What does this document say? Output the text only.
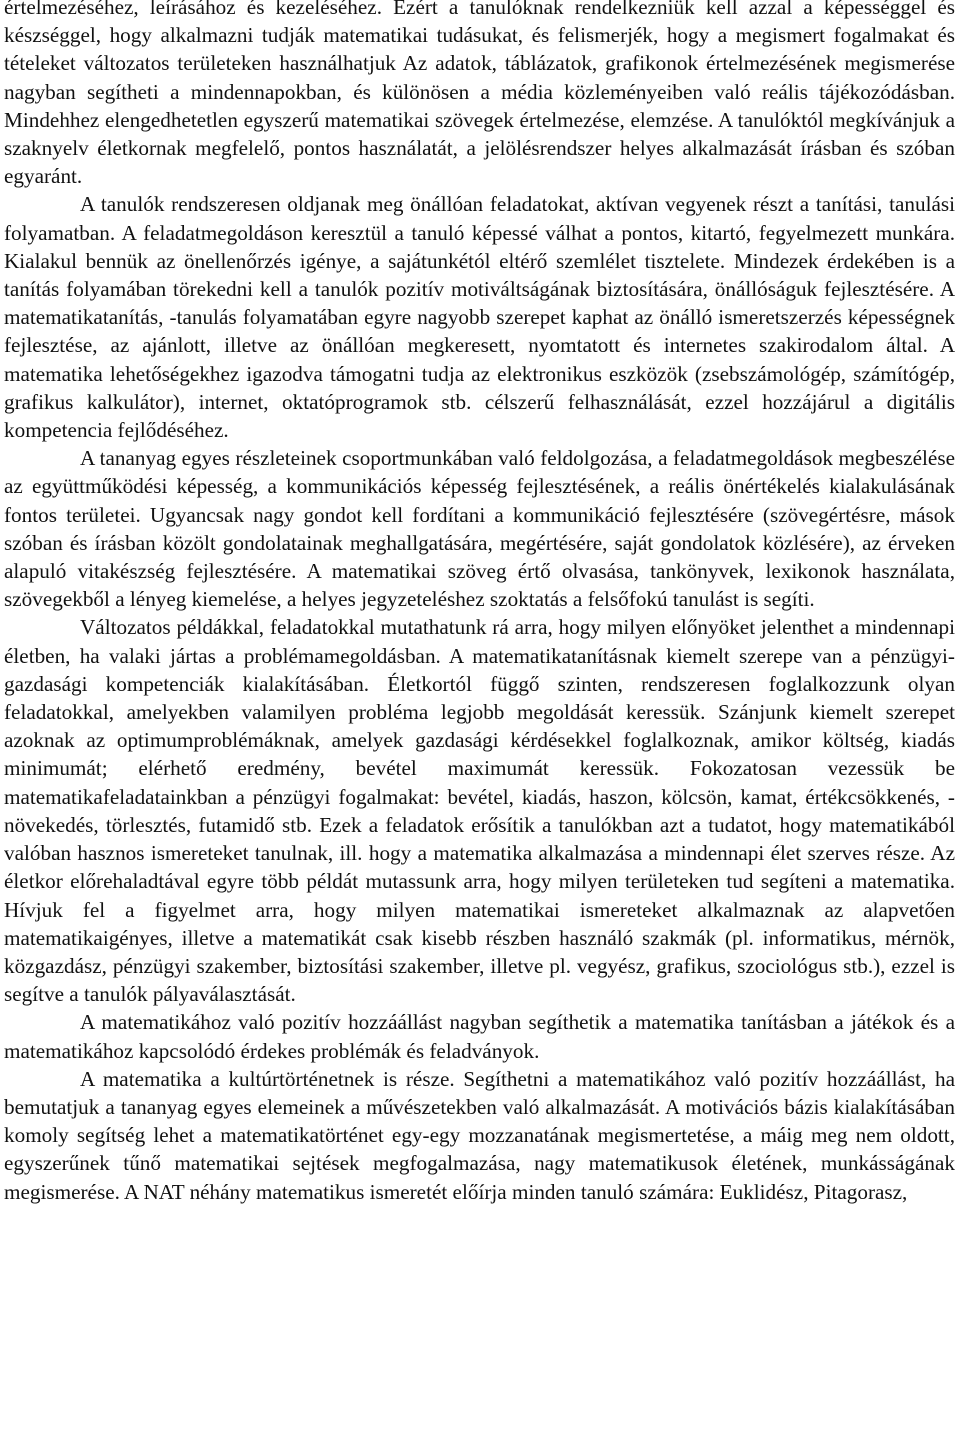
értelmezéséhez, leírásához és kezeléséhez. Ezért a tanulóknak rendelkezniük kell azzal a képességgel és készséggel, hogy alkalmazni tudják matematikai tudásukat, és felismerjék, hogy a megismert fogalmakat és tételeket változatos területeken használhatjuk Az adatok, táblázatok, grafikonok értelmezésének megismerése nagyban segítheti a mindennapokban, és különösen a média közleményeiben való reális tájékozódásban. Mindehhez elengedhetetlen egyszerű matematikai szövegek értelmezése, elemzése. A tanulóktól megkívánjuk a szaknyelv életkornak megfelelő, pontos használatát, a jelölésrendszer helyes alkalmazását írásban és szóban egyaránt.

A tanulók rendszeresen oldjanak meg önállóan feladatokat, aktívan vegyenek részt a tanítási, tanulási folyamatban. A feladatmegoldáson keresztül a tanuló képessé válhat a pontos, kitartó, fegyelmezett munkára. Kialakul bennük az önellenőrzés igénye, a sajátunkétól eltérő szemlélet tisztelete. Mindezek érdekében is a tanítás folyamában törekedni kell a tanulók pozitív motiváltságának biztosítására, önállóságuk fejlesztésére. A matematikatanítás, -tanulás folyamatában egyre nagyobb szerepet kaphat az önálló ismeretszerzés képességnek fejlesztése, az ajánlott, illetve az önállóan megkeresett, nyomtatott és internetes szakirodalom által. A matematika lehetőségekhez igazodva támogatni tudja az elektronikus eszközök (zsebszámológép, számítógép, grafikus kalkulátor), internet, oktatóprogramok stb. célszerű felhasználását, ezzel hozzájárul a digitális kompetencia fejlődéséhez.

A tananyag egyes részleteinek csoportmunkában való feldolgozása, a feladatmegoldások megbeszélése az együttműködési képesség, a kommunikációs képesség fejlesztésének, a reális önértékelés kialakulásának fontos területei. Ugyancsak nagy gondot kell fordítani a kommunikáció fejlesztésére (szövegértésre, mások szóban és írásban közölt gondolatainak meghallgatására, megértésére, saját gondolatok közlésére), az érveken alapuló vitakészség fejlesztésére. A matematikai szöveg értő olvasása, tankönyvek, lexikonok használata, szövegekből a lényeg kiemelése, a helyes jegyzeteléshez szoktatás a felsőfokú tanulást is segíti.

Változatos példákkal, feladatokkal mutathatunk rá arra, hogy milyen előnyöket jelenthet a mindennapi életben, ha valaki jártas a problémamegoldásban. A matematikatanításnak kiemelt szerepe van a pénzügyi-gazdasági kompetenciák kialakításában. Életkortól függő szinten, rendszeresen foglalkozzunk olyan feladatokkal, amelyekben valamilyen probléma legjobb megoldását keressük. Szánjunk kiemelt szerepet azoknak az optimumproblémáknak, amelyek gazdasági kérdésekkel foglalkoznak, amikor költség, kiadás minimumát; elérhető eredmény, bevétel maximumát keressük. Fokozatosan vezessük be matematikafeladatainkban a pénzügyi fogalmakat: bevétel, kiadás, haszon, kölcsön, kamat, értékcsökkenés, -növekedés, törlesztés, futamidő stb. Ezek a feladatok erősítik a tanulókban azt a tudatot, hogy matematikából valóban hasznos ismereteket tanulnak, ill. hogy a matematika alkalmazása a mindennapi élet szerves része. Az életkor előrehaladtával egyre több példát mutassunk arra, hogy milyen területeken tud segíteni a matematika. Hívjuk fel a figyelmet arra, hogy milyen matematikai ismereteket alkalmaznak az alapvetően matematikaigényes, illetve a matematikát csak kisebb részben használó szakmák (pl. informatikus, mérnök, közgazdász, pénzügyi szakember, biztosítási szakember, illetve pl. vegyész, grafikus, szociológus stb.), ezzel is segítve a tanulók pályaválasztását.

A matematikához való pozitív hozzáállást nagyban segíthetik a matematika tanításban a játékok és a matematikához kapcsolódó érdekes problémák és feladványok.

A matematika a kultúrtörténetnek is része. Segíthetni a matematikához való pozitív hozzáállást, ha bemutatjuk a tananyag egyes elemeinek a művészetekben való alkalmazását. A motivációs bázis kialakításában komoly segítség lehet a matematikatörténet egy-egy mozzanatának megismertetése, a máig meg nem oldott, egyszerűnek tűnő matematikai sejtések megfogalmazása, nagy matematikusok életének, munkásságának megismerése. A NAT néhány matematikus ismeretét előírja minden tanuló számára: Euklidész, Pitagorasz,
